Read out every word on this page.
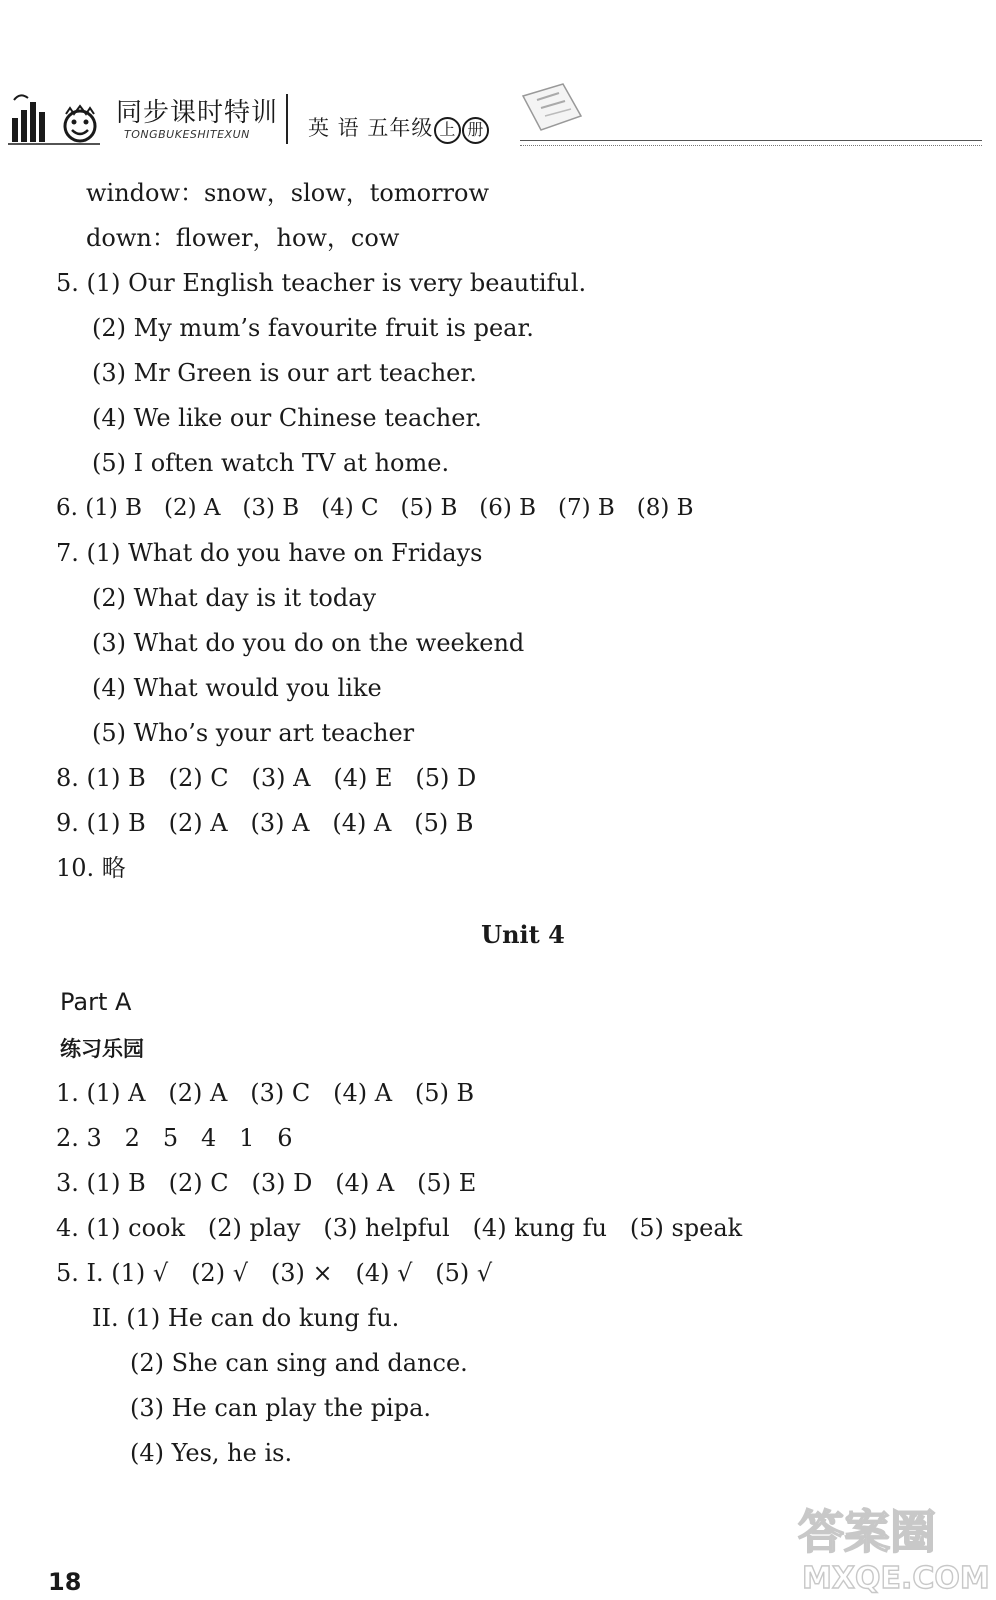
同步课时特训
TONGBUKESHITEXUN	英 语 五年级 上 册
window：snow，slow，tomorrow
down：flower，how，cow
5. (1) Our English teacher is very beautiful.
(2) My mum’s favourite fruit is pear.
(3) Mr Green is our art teacher.
(4) We like our Chinese teacher.
(5) I often watch TV at home.
6. (1) B   (2) A   (3) B   (4) C   (5) B   (6) B   (7) B   (8) B
7. (1) What do you have on Fridays
(2) What day is it today
(3) What do you do on the weekend
(4) What would you like
(5) Who’s your art teacher
8. (1) B   (2) C   (3) A   (4) E   (5) D
9. (1) B   (2) A   (3) A   (4) A   (5) B
10. 略
Unit 4
Part A
练习乐园
1. (1) A   (2) A   (3) C   (4) A   (5) B
2. 3   2   5   4   1   6
3. (1) B   (2) C   (3) D   (4) A   (5) E
4. (1) cook   (2) play   (3) helpful   (4) kung fu   (5) speak
5. I. (1) √   (2) √   (3) ×   (4) √   (5) √
II. (1) He can do kung fu.
(2) She can sing and dance.
(3) He can play the pipa.
(4) Yes, he is.
答案圈
MXQE.COM
18
